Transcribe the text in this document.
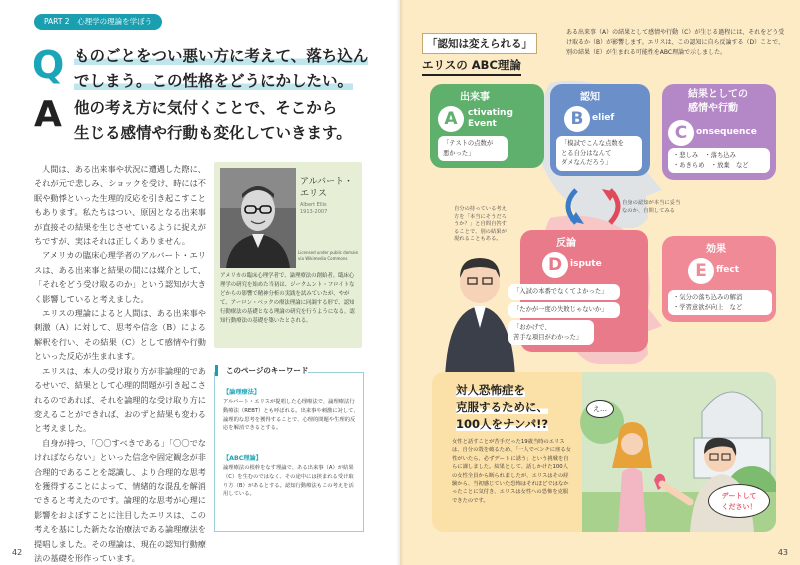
PART 2　心理学の理論を学ぼう
Q ものごとをつい悪い方に考えて、落ち込ん
でしまう。この性格をどうにかしたい。
A 他の考え方に気付くことで、そこから
生じる感情や行動も変化していきます。

人間は、ある出来事や状況に遭遇した際に、それが元で悲しみ、ショックを受け、時には不眠や動悸といった生理的反応を引き起こすこともあります。私たちはつい、原因となる出来事が直接その結果を生じさせているように捉えがちですが、実はそれは正しくありません。

アメリカの臨床心理学者のアルバート・エリスは、ある出来事と結果の間には媒介として、「それをどう受け取るのか」という認知が大きく影響していると考えました。

エリスの理論によると人間は、ある出来事や刺激（A）に対して、思考や信念（B）による解釈を行い、その結果（C）として感情や行動といった反応が生まれます。

エリスは、本人の受け取り方が非論理的であるせいで、結果として心理的問題が引き起こされるのであれば、それを論理的な受け取り方に変えることができれば、おのずと結果も変わると考えました。

自身が持つ、「〇〇すべきである」「〇〇でなければならない」といった信念や固定観念が非合理的であることを認識し、より合理的な思考を獲得することによって、情緒的な混乱を解消できると考えたのです。論理的な思考が心理に影響をおよぼすことに注目したエリスは、この考えを基にした新たな治療法である論理療法を提唱しました。その理論は、現在の認知行動療法の基礎を形作っています。

アルバート・エリス
Albert Ellis
1913-2007
Licensed under public domain via Wikimedia Commons
アメリカの臨床心理学者で、論理療法の創始者。臨床心理学の研究を始めた当初は、ジークムント・フロイトなどからの影響で精神分析の実践を試みていたが、やがて、アーロン・ベックの療法理論に同調する形で、認知行動療法の基礎となる理論の研究を行うようになる。認知行動療法の基礎を築いたとされる。
このページのキーワード
【論理療法】
アルバート・エリスが提唱した心理療法で、論理療法行動療法（REBT）とも呼ばれる。出来事や刺激に対して、論理的な思考を獲得することで、心理的問題や生理的反応を解消できるとする。
【ABC理論】
論理療法の根幹をなす理論で、ある出来事（A）が結果（C）を生むのではなく、その途中には挟まれる受け取り方（B）があるとする。認知行動療法もこの考えを活用している。
42
「認知は変えられる」
エリスの ABC理論
ある出来事（A）の結果として感情や行動（C）が生じる過程には、それをどう受け取るか（B）が影響します。エリスは、この認知に自ら反論する（D）ことで、別の結果（E）が生まれる可能性をABC理論で示しました。
出来事
A	ctivating
Event
「テストの点数が
悪かった」
認知
B elief
「模試でこんな点数を
とる自分はなんて
ダメなんだろう」
結果としての
感情や行動
C onsequence
・悲しみ　・落ち込み
・あきらめ　・放棄　など
自分の持っている考え
方を「本当にそうだろ
うか？」と自問自答す
ることで、別の結果が
現れることもある。
自身の認知が本当に妥当
なのか、自問してみる
反論
D ispute
「入試の本番でなくてよかった」
「たかが一度の失敗じゃないか」
「おかげで、
苦手な項目がわかった」
効果
E	ffect
・気分の落ち込みの解消
・学習意欲が向上　など
対人恐怖症を
克服するために、
100人をナンパ!?
女性と話すことが苦手だった19歳当時のエリスは、自分の殻を破るため、「一人でベンチに座る女性がいたら、必ずデートに誘う」という挑戦を自らに課しました。結果として、話しかけた100人の女性全員から断られましたが、エリスはその経験から、当初感じていた恐怖はそれほどではなかったことに気付き、エリスは女性への恐怖を克服できたのです。
え…
デートして
ください！
43
